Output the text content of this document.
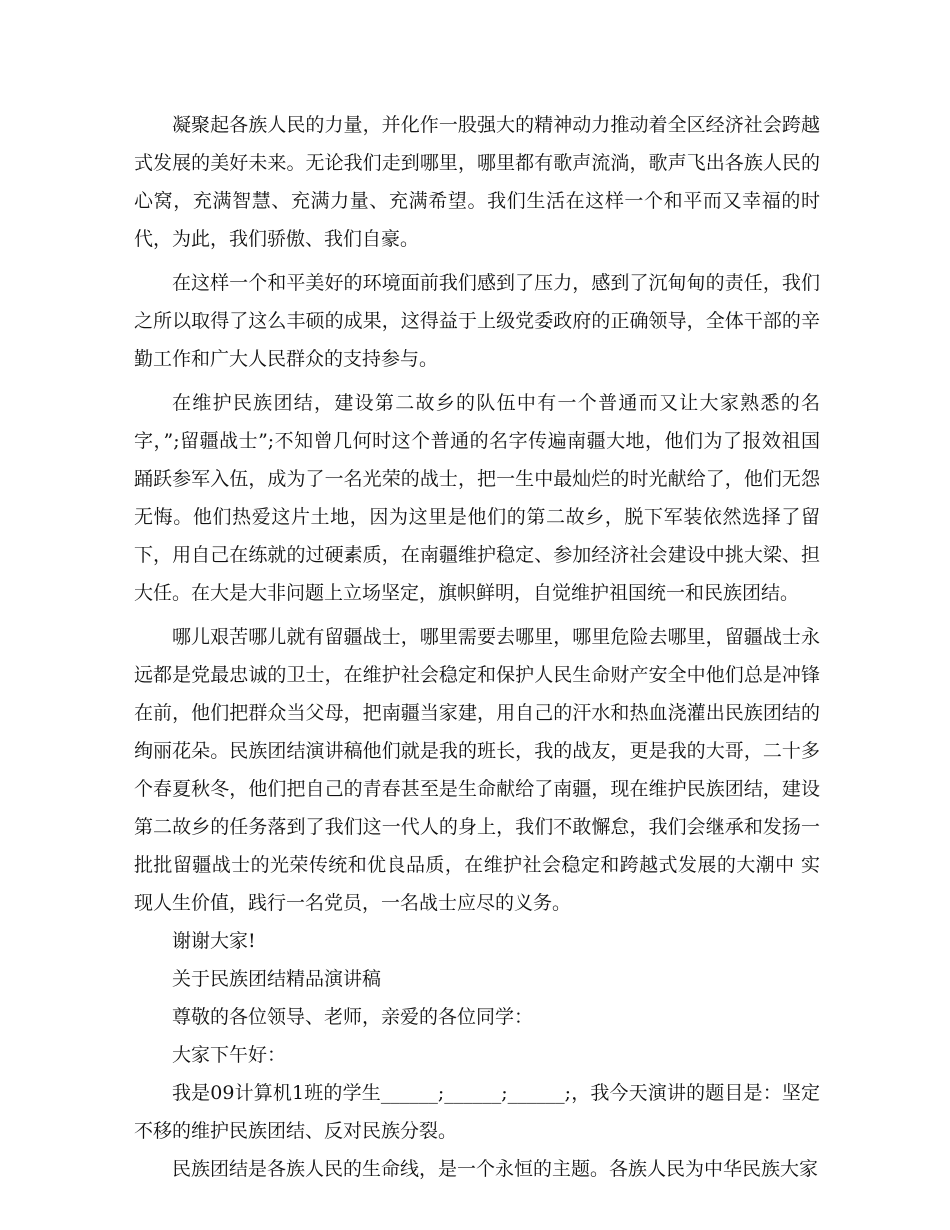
凝聚起各族人民的力量，并化作一股强大的精神动力推动着全区经济社会跨越式发展的美好未来。无论我们走到哪里，哪里都有歌声流淌，歌声飞出各族人民的心窝，充满智慧、充满力量、充满希望。我们生活在这样一个和平而又幸福的时代，为此，我们骄傲、我们自豪。

在这样一个和平美好的环境面前我们感到了压力，感到了沉甸甸的责任，我们之所以取得了这么丰硕的成果，这得益于上级党委政府的正确领导，全体干部的辛勤工作和广大人民群众的支持参与。

在维护民族团结，建设第二故乡的队伍中有一个普通而又让大家熟悉的名字，”;留疆战士”;不知曾几何时这个普通的名字传遍南疆大地，他们为了报效祖国踊跃参军入伍，成为了一名光荣的战士，把一生中最灿烂的时光献给了，他们无怨无悔。他们热爱这片土地，因为这里是他们的第二故乡，脱下军装依然选择了留下，用自己在练就的过硬素质，在南疆维护稳定、参加经济社会建设中挑大梁、担大任。在大是大非问题上立场坚定，旗帜鲜明，自觉维护祖国统一和民族团结。

哪儿艰苦哪儿就有留疆战士，哪里需要去哪里，哪里危险去哪里，留疆战士永远都是党最忠诚的卫士，在维护社会稳定和保护人民生命财产安全中他们总是冲锋在前，他们把群众当父母，把南疆当家建，用自己的汗水和热血浇灌出民族团结的绚丽花朵。民族团结演讲稿他们就是我的班长，我的战友，更是我的大哥，二十多个春夏秋冬，他们把自己的青春甚至是生命献给了南疆，现在维护民族团结，建设第二故乡的任务落到了我们这一代人的身上，我们不敢懈怠，我们会继承和发扬一批批留疆战士的光荣传统和优良品质，在维护社会稳定和跨越式发展的大潮中 实现人生价值，践行一名党员，一名战士应尽的义务。

谢谢大家!

关于民族团结精品演讲稿

尊敬的各位领导、老师，亲爱的各位同学：

大家下午好：

我是09计算机1班的学生______;______;______;，我今天演讲的题目是：坚定不移的维护民族团结、反对民族分裂。

民族团结是各族人民的生命线，是一个永恒的主题。各族人民为中华民族大家
